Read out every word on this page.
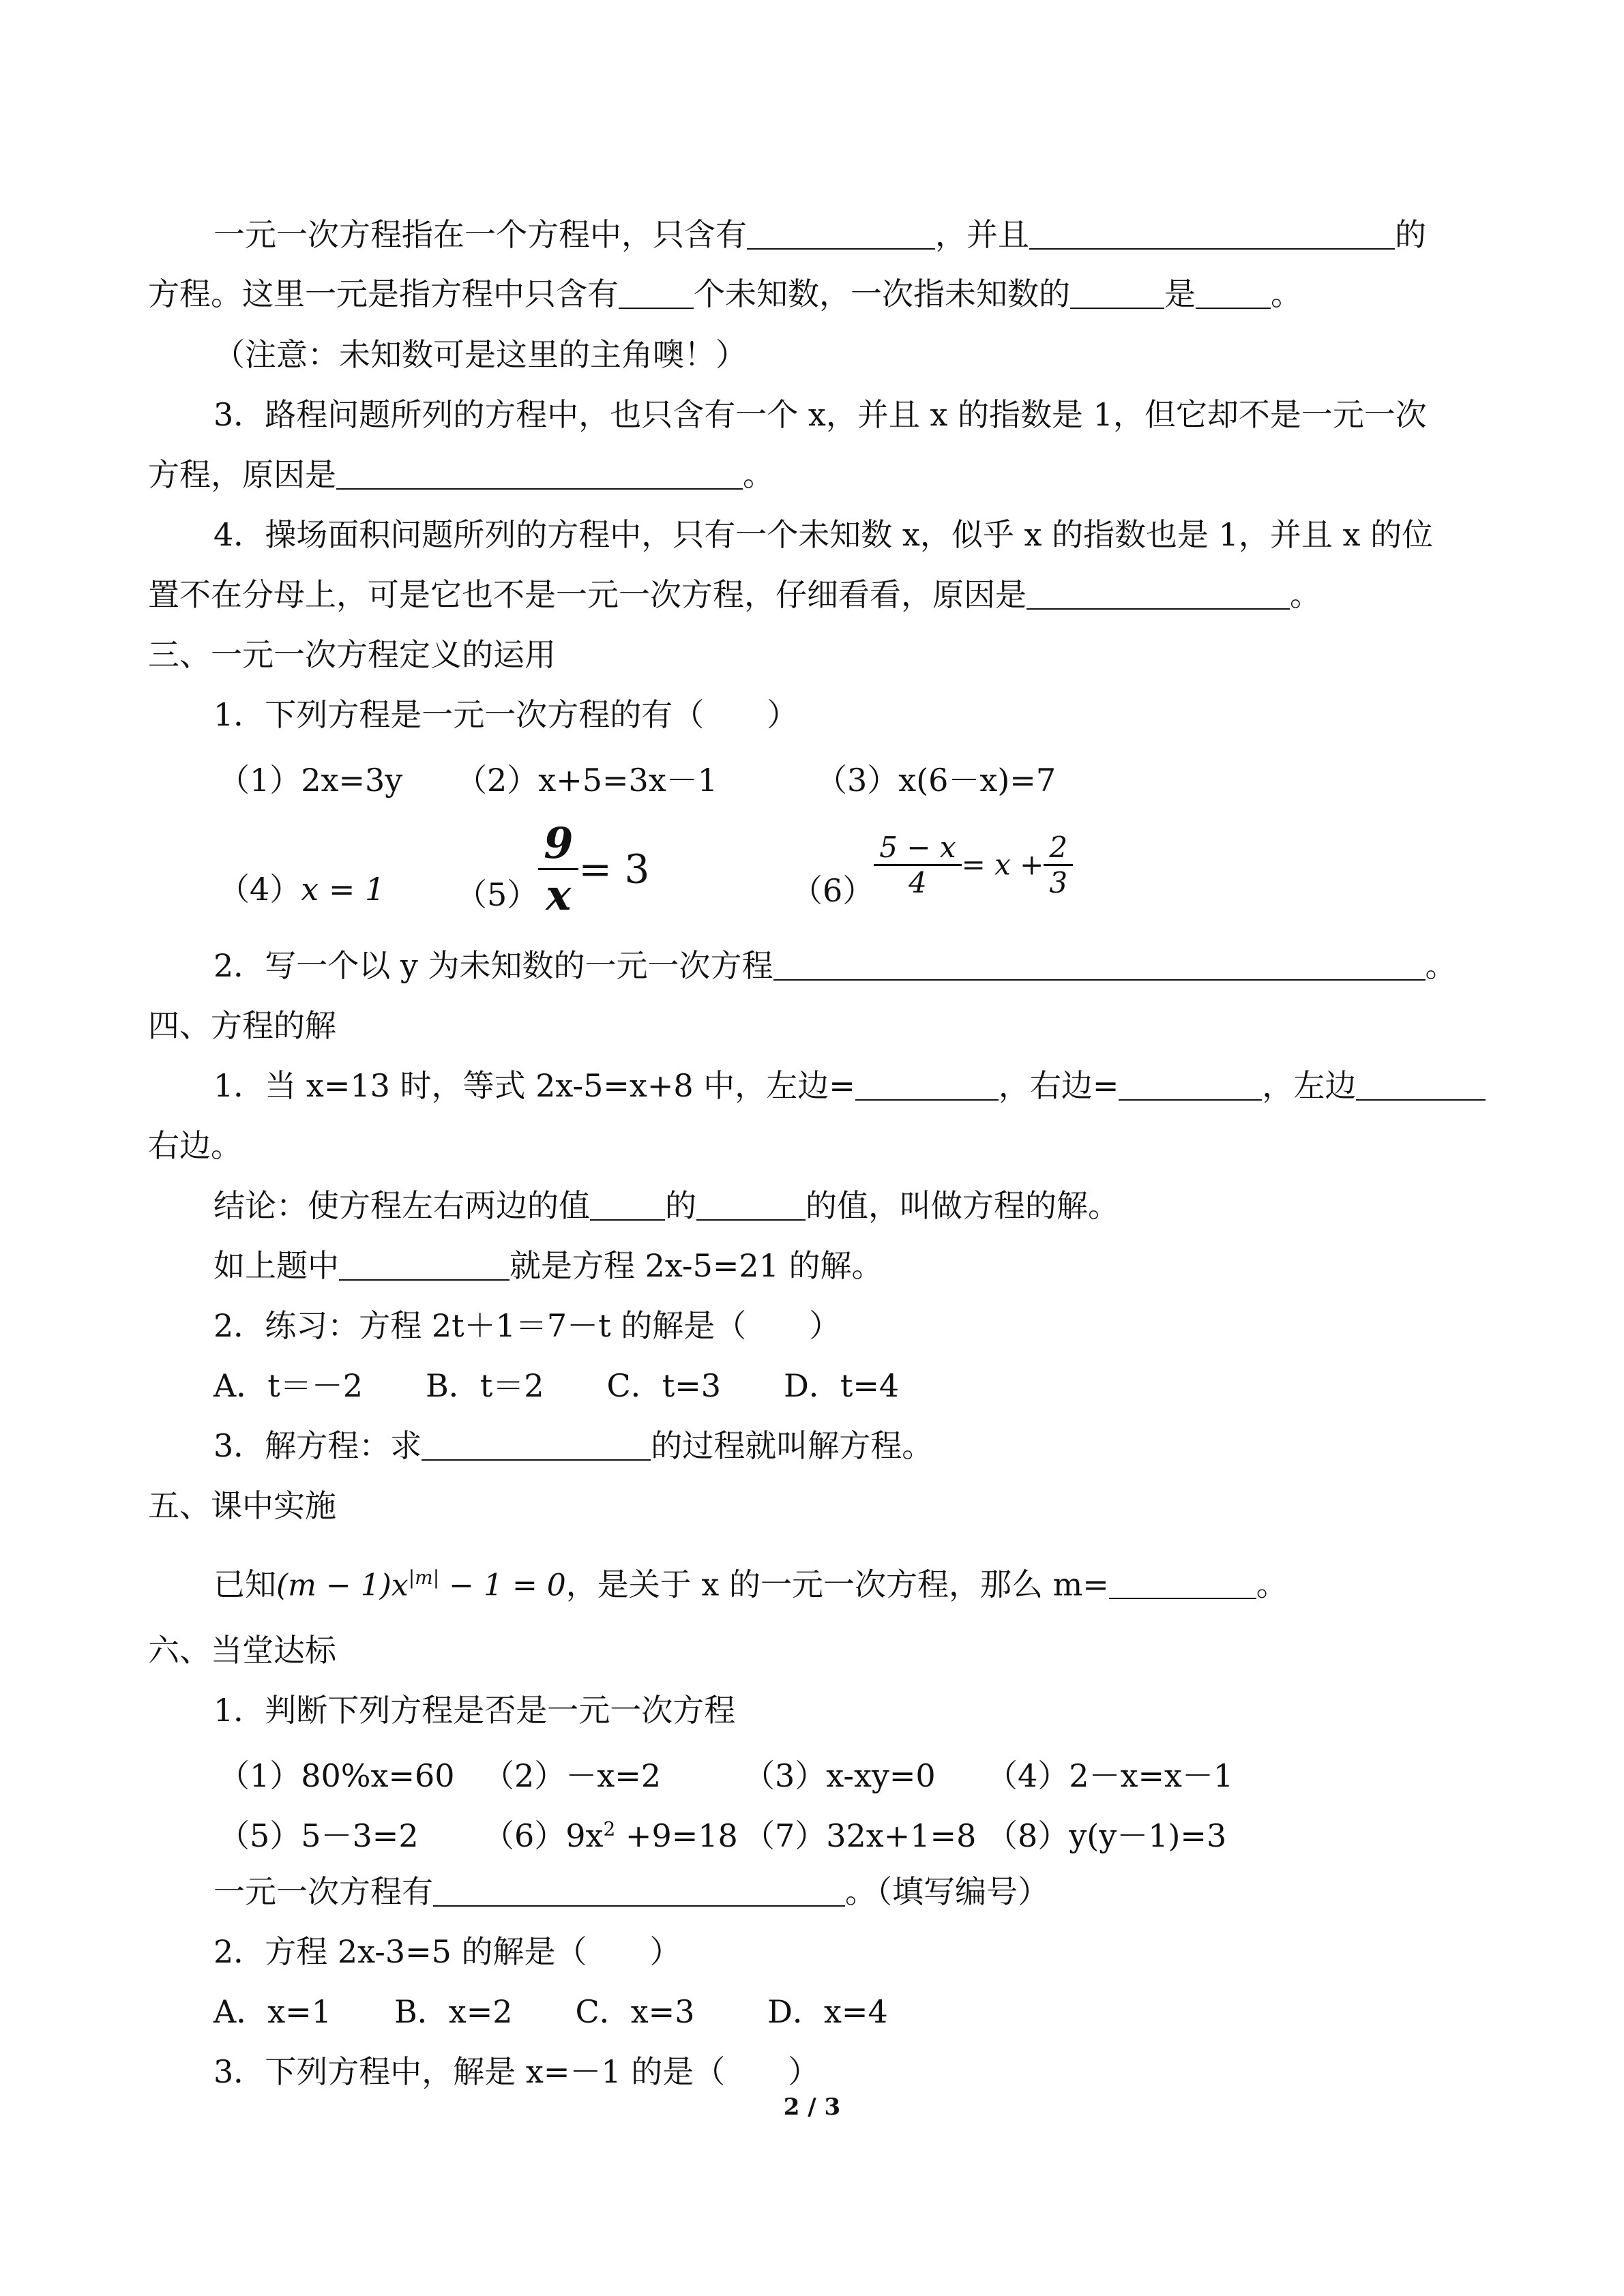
一元一次方程指在一个方程中，只含有	，并且	的
方程。这里一元是指方程中只含有 个未知数，一次指未知数的	是 。
（注意：未知数可是这里的主角噢！）
3．路程问题所列的方程中，也只含有一个 x，并且 x 的指数是 1，但它却不是一元一次
方程，原因是	。
4．操场面积问题所列的方程中，只有一个未知数 x，似乎 x 的指数也是 1，并且 x 的位
置不在分母上，可是它也不是一元一次方程，仔细看看，原因是	。
三、一元一次方程定义的运用
1．下列方程是一元一次方程的有（　　）
（1）2x=3y （2）x+5=3x－1	（3）x(6－x)=7
（4）x = 1 $(5) \frac{9}{x} = 3$	$(6) \frac{5 - x}{4} = x + \frac{2}{3}$
2．写一个以 y 为未知数的一元一次方程	。
四、方程的解
1．当 x=13 时，等式 2x-5=x+8 中，左边=	，右边=	，左边
右边。
结论：使方程左右两边的值 的	的值，叫做方程的解。
如上题中	就是方程 2x-5=21 的解。
2．练习：方程 2t＋1＝7－t 的解是（　　）
A．t＝－2　　B．t＝2　　C．t=3　　D．t=4
3．解方程：求	的过程就叫解方程。
五、课中实施
已知$(m - 1)x^{|m|} - 1 = 0$，是关于 x 的一元一次方程，那么 m=	。
六、当堂达标
1．判断下列方程是否是一元一次方程
（1）80%x=60 （2）－x=2	（3）x-xy=0 （4）2－x=x－1
（5）5－3=2 $(6)9x^2 +9=18$ （7）32x+1=8 （8）y(y－1)=3
一元一次方程有	。（填写编号）
2．方程 2x-3=5 的解是（　　）
A．x=1　　B．x=2　　C．x=3　　 D．x=4
3．下列方程中，解是 x=－1 的是（　　）
2 / 3
